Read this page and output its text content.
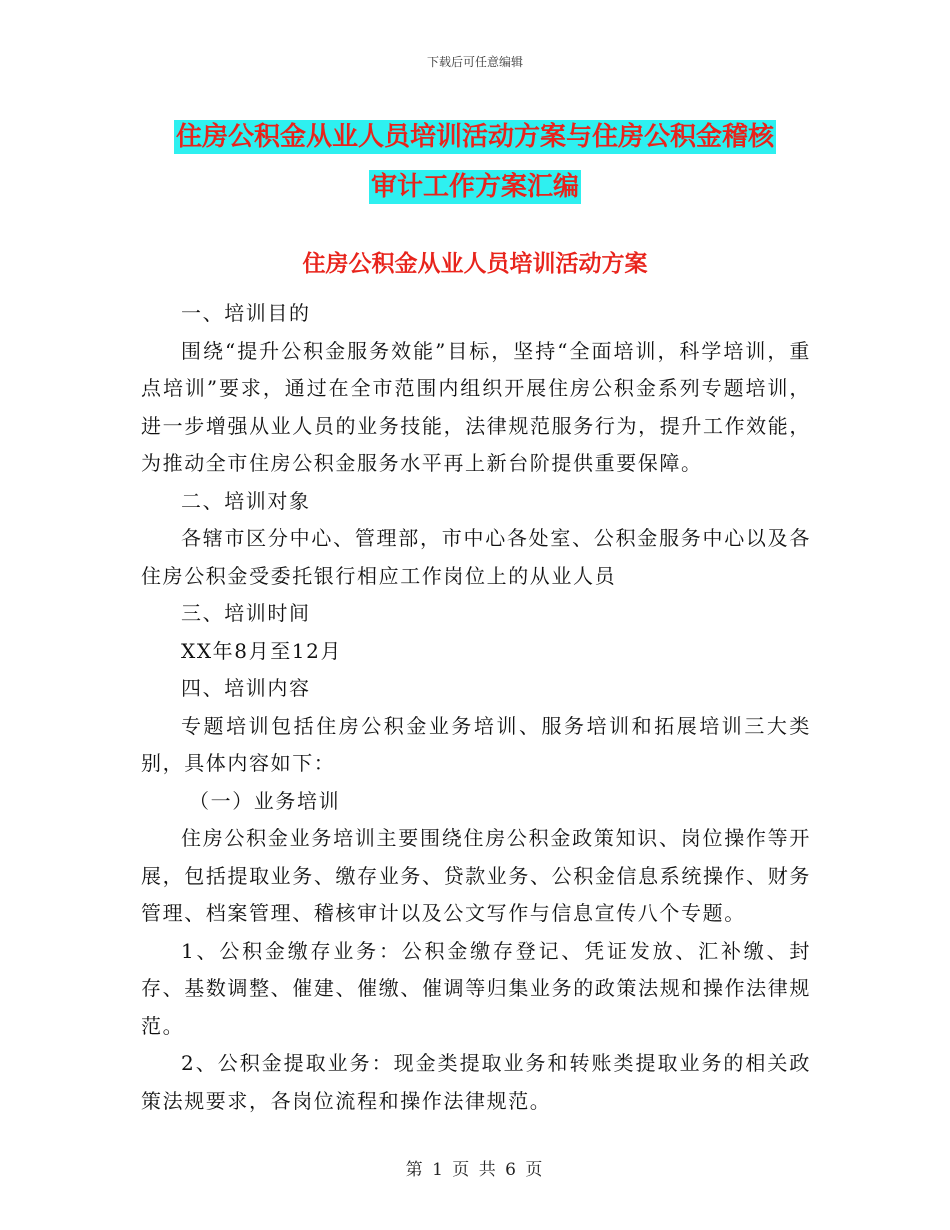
下载后可任意编辑
住房公积金从业人员培训活动方案与住房公积金稽核
审计工作方案汇编
住房公积金从业人员培训活动方案

一、培训目的

围绕“提升公积金服务效能”目标，坚持“全面培训，科学培训，重点培训”要求，通过在全市范围内组织开展住房公积金系列专题培训，进一步增强从业人员的业务技能，法律规范服务行为，提升工作效能，为推动全市住房公积金服务水平再上新台阶提供重要保障。

二、培训对象

各辖市区分中心、管理部，市中心各处室、公积金服务中心以及各住房公积金受委托银行相应工作岗位上的从业人员

三、培训时间

XX年8月至12月

四、培训内容

专题培训包括住房公积金业务培训、服务培训和拓展培训三大类别，具体内容如下：

（一）业务培训

住房公积金业务培训主要围绕住房公积金政策知识、岗位操作等开展，包括提取业务、缴存业务、贷款业务、公积金信息系统操作、财务管理、档案管理、稽核审计以及公文写作与信息宣传八个专题。

1、公积金缴存业务：公积金缴存登记、凭证发放、汇补缴、封存、基数调整、催建、催缴、催调等归集业务的政策法规和操作法律规范。

2、公积金提取业务：现金类提取业务和转账类提取业务的相关政策法规要求，各岗位流程和操作法律规范。

第 1 页 共 6 页
